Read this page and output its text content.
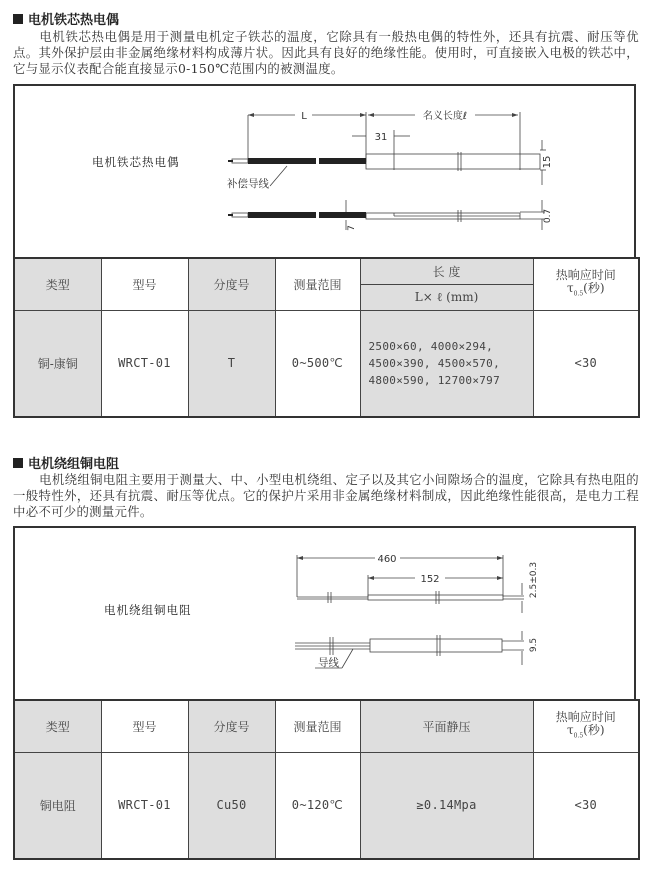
电机铁芯热电偶
电机铁芯热电偶是用于测量电机定子铁芯的温度，它除具有一般热电偶的特性外，还具有抗震、耐压等优点。其外保护层由非金属绝缘材料构成薄片状。因此具有良好的绝缘性能。使用时，可直接嵌入电极的铁芯中，它与显示仪表配合能直接显示0-150℃范围内的被测温度。
电机铁芯热电偶
L	名义长度ℓ
31
15
0.7
7
补偿导线
类型	型号	分度号	测量范围	长 度	热响应时间
$\tau_{0.5}$(秒)

				L× ℓ (mm)	
铜-康铜	WRCT-01	T	0~500℃	2500×60, 4000×294,
4500×390, 4500×570,
4800×590, 12700×797	<30
电机绕组铜电阻
电机绕组铜电阻主要用于测量大、中、小型电机绕组、定子以及其它小间隙场合的温度，它除具有热电阻的一般特性外，还具有抗震、耐压等优点。它的保护片采用非金属绝缘材料制成，因此绝缘性能很高，是电力工程中必不可少的测量元件。
电机绕组铜电阻
460
152	2.5±0.3
9.5
导线
类型	型号	分度号	测量范围	平面静压	热响应时间
$\tau_{0.5}$(秒)

铜电阻	WRCT-01	Cu50	0~120℃	≥0.14Mpa	<30
